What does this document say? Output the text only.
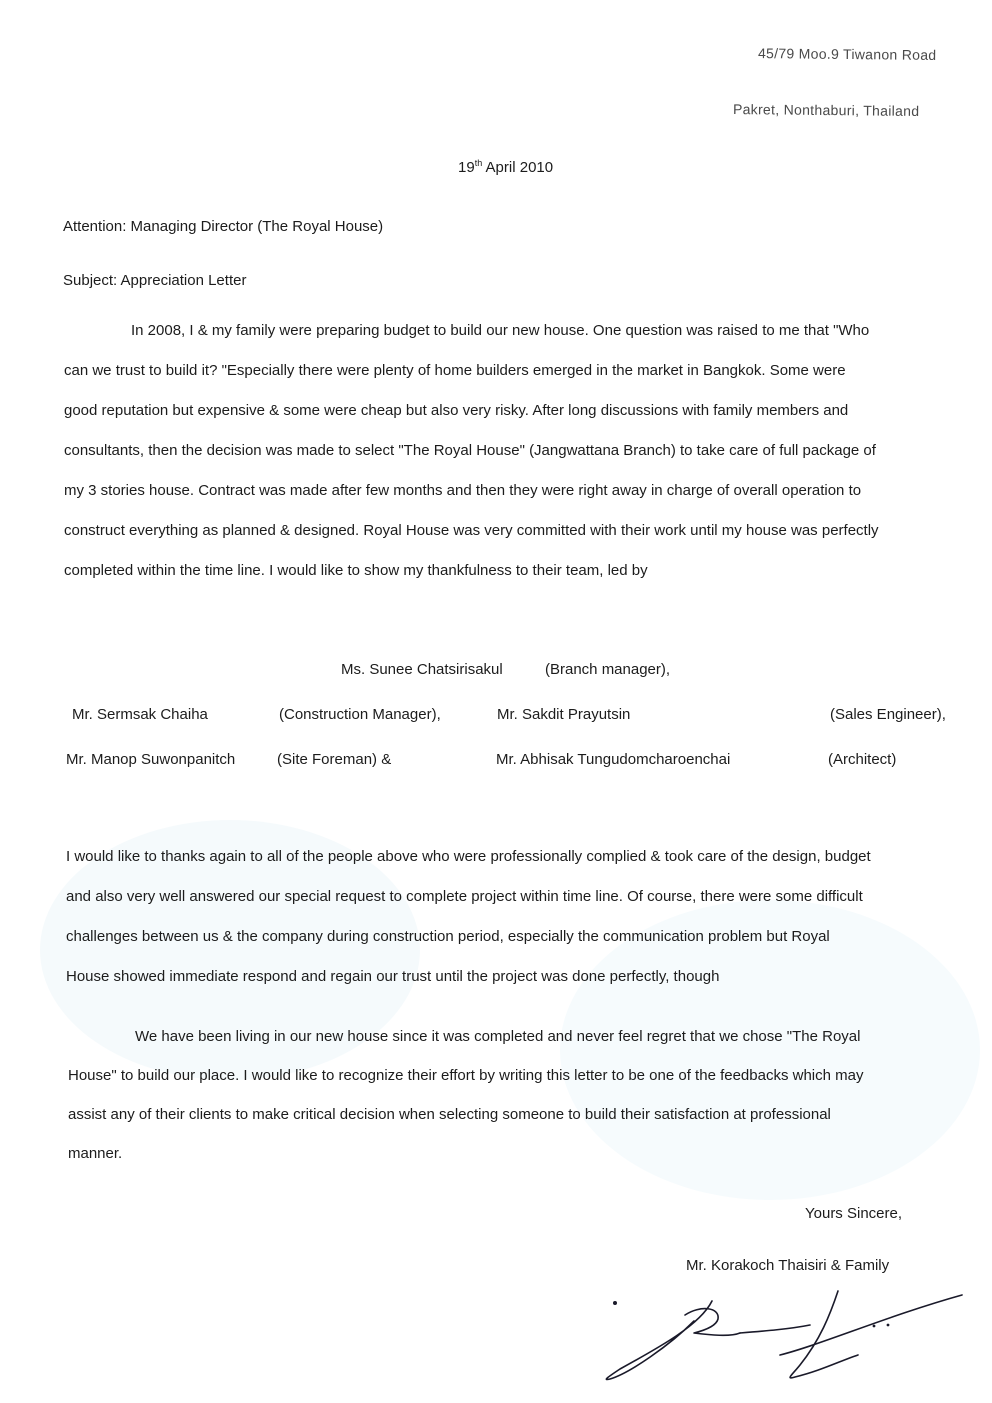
45/79 Moo.9 Tiwanon Road
Pakret, Nonthaburi, Thailand
19th April 2010
Attention: Managing Director (The Royal House)
Subject: Appreciation Letter
In 2008, I & my family were preparing budget to build our new house. One question was raised to me that "Who
can we trust to build it? "Especially there were plenty of home builders emerged in the market in Bangkok. Some were
good reputation but expensive & some were cheap but also very risky. After long discussions with family members and
consultants, then the decision was made to select "The Royal House" (Jangwattana Branch) to take care of full package of
my 3 stories house. Contract was made after few months and then they were right away in charge of overall operation to
construct everything as planned & designed. Royal House was very committed with their work until my house was perfectly
completed within the time line. I would like to show my thankfulness to their team, led by
Ms. Sunee Chatsirisakul	(Branch manager),
Mr. Sermsak Chaiha	(Construction Manager),	Mr. Sakdit Prayutsin	(Sales Engineer),
Mr. Manop Suwonpanitch	(Site Foreman) &	Mr. Abhisak Tungudomcharoenchai	(Architect)
I would like to thanks again to all of the people above who were professionally complied & took care of the design, budget
and also very well answered our special request to complete project within time line. Of course, there were some difficult
challenges between us & the company during construction period, especially the communication problem but Royal
House showed immediate respond and regain our trust until the project was done perfectly, though
We have been living in our new house since it was completed and never feel regret that we chose "The Royal
House" to build our place. I would like to recognize their effort by writing this letter to be one of the feedbacks which may
assist any of their clients to make critical decision when selecting someone to build their satisfaction at professional
manner.
Yours Sincere,
Mr. Korakoch Thaisiri & Family
